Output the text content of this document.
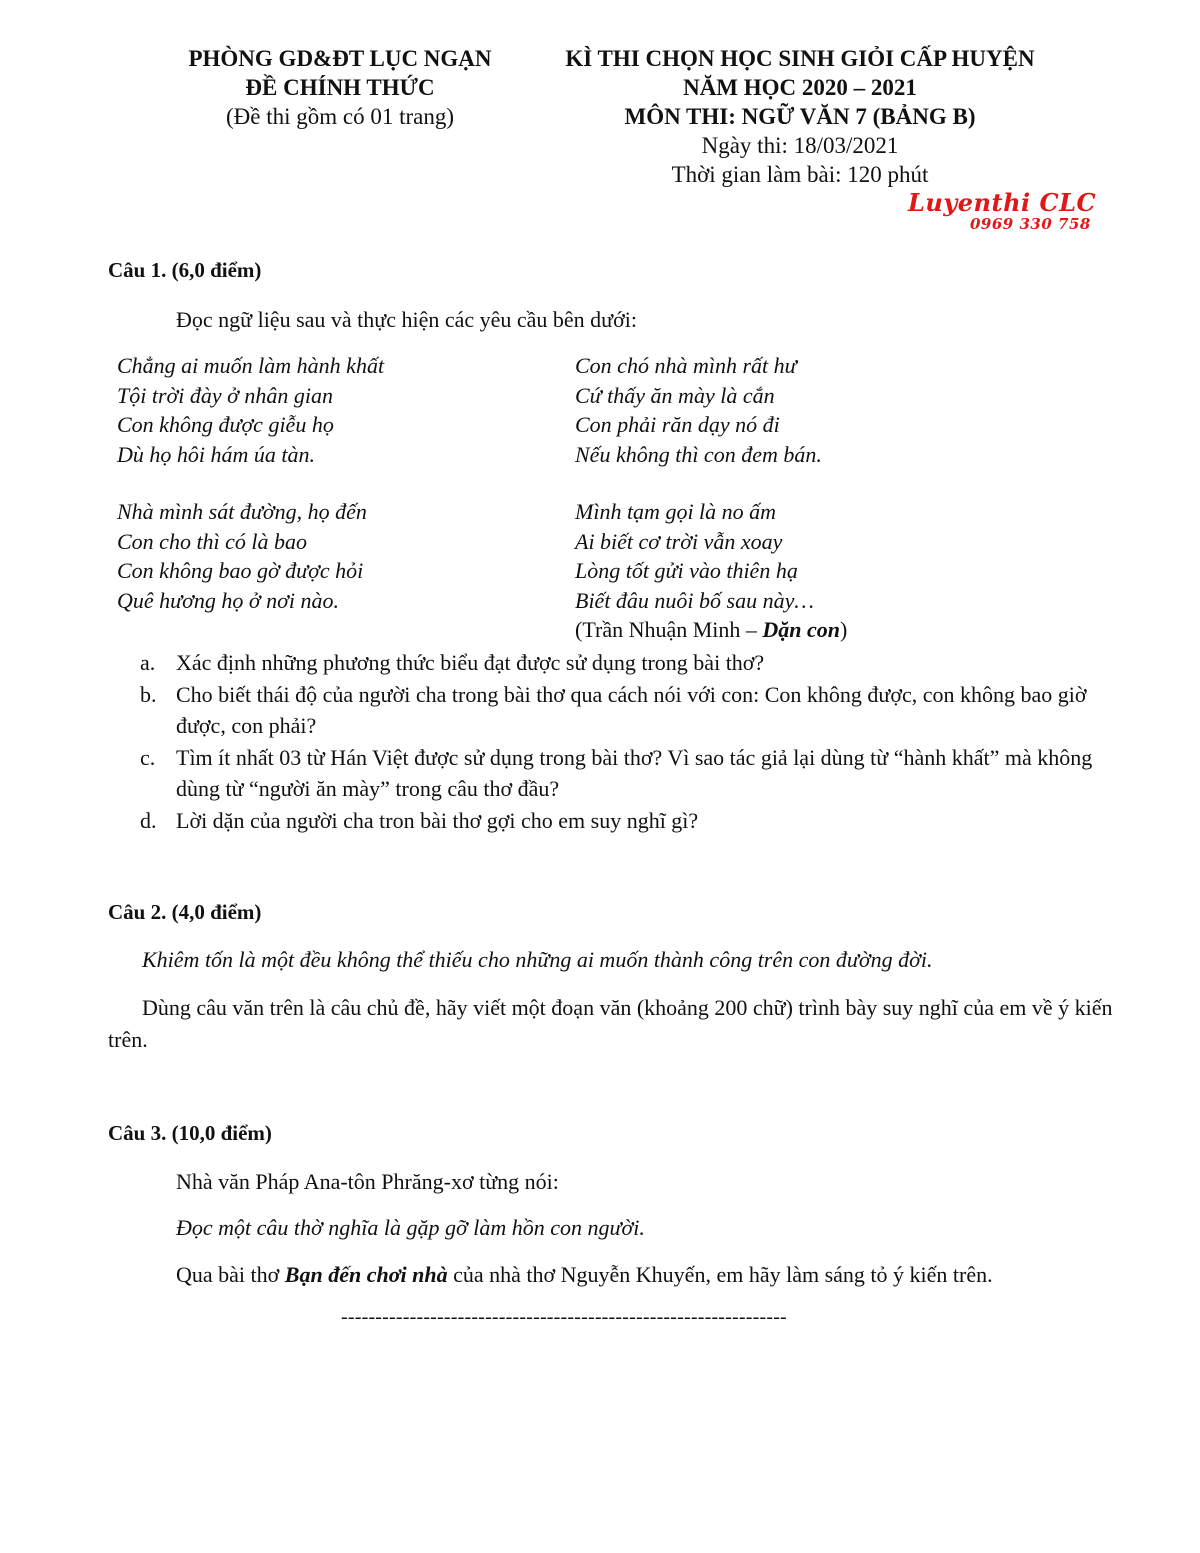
PHÒNG GD&ĐT LỤC NGẠN
ĐỀ CHÍNH THỨC
(Đề thi gồm có 01 trang)
KÌ THI CHỌN HỌC SINH GIỎI CẤP HUYỆN
NĂM HỌC 2020 – 2021
MÔN THI: NGỮ VĂN 7 (BẢNG B)
Ngày thi: 18/03/2021
Thời gian làm bài: 120 phút
Luyenthi CLC
0969 330 758
Câu 1. (6,0 điểm)
Đọc ngữ liệu sau và thực hiện các yêu cầu bên dưới:
Chẳng ai muốn làm hành khất
Tội trời đày ở nhân gian
Con không được giễu họ
Dù họ hôi hám úa tàn.
Con chó nhà mình rất hư
Cứ thấy ăn mày là cắn
Con phải răn dạy nó đi
Nếu không thì con đem bán.
Nhà mình sát đường, họ đến
Con cho thì có là bao
Con không bao gờ được hỏi
Quê hương họ ở nơi nào.
Mình tạm gọi là no ấm
Ai biết cơ trời vẫn xoay
Lòng tốt gửi vào thiên hạ
Biết đâu nuôi bố sau này…
(Trần Nhuận Minh – Dặn con)
a. Xác định những phương thức biểu đạt được sử dụng trong bài thơ?
b. Cho biết thái độ của người cha trong bài thơ qua cách nói với con: Con không được, con không bao giờ được, con phải?
c. Tìm ít nhất 03 từ Hán Việt được sử dụng trong bài thơ? Vì sao tác giả lại dùng từ “hành khất” mà không dùng từ “người ăn mày” trong câu thơ đầu?
d. Lời dặn của người cha tron bài thơ gợi cho em suy nghĩ gì?
Câu 2. (4,0 điểm)
Khiêm tốn là một đều không thể thiếu cho những ai muốn thành công trên con đường đời.
Dùng câu văn trên là câu chủ đề, hãy viết một đoạn văn (khoảng 200 chữ) trình bày suy nghĩ của em về ý kiến trên.
Câu 3. (10,0 điểm)
Nhà văn Pháp Ana-tôn Phrăng-xơ từng nói:
Đọc một câu thờ nghĩa là gặp gỡ làm hồn con người.
Qua bài thơ Bạn đến chơi nhà của nhà thơ Nguyễn Khuyến, em hãy làm sáng tỏ ý kiến trên.
-----------------------------------------------------------------
